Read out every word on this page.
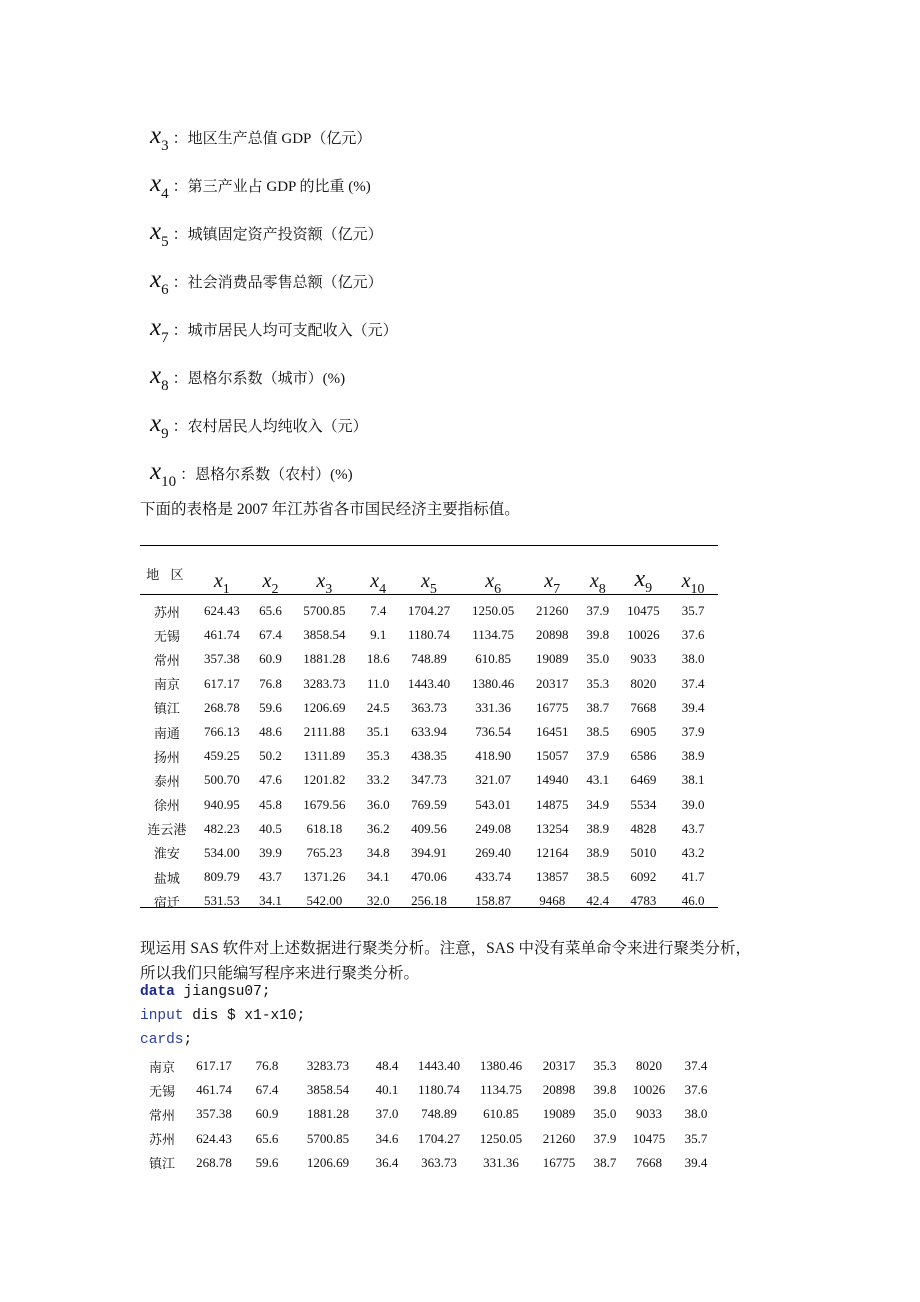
x 3 ：地区生产总值 GDP（亿元）
x 4 ：第三产业占 GDP 的比重 (%)
x 5 ：城镇固定资产投资额（亿元）
x 6 ：社会消费品零售总额（亿元）
x 7 ：城市居民人均可支配收入（元）
x 8 ：恩格尔系数（城市）(%)
x 9 ：农村居民人均纯收入（元）
x 10 ：恩格尔系数（农村）(%)
下面的表格是 2007 年江苏省各市国民经济主要指标值。
地 区	x1	x2	x3	x4	x5	x6	x7	x8	x9	x10
苏州	624.43	65.6	5700.85	7.4	1704.27	1250.05	21260	37.9	10475	35.7
无锡	461.74	67.4	3858.54	9.1	1180.74	1134.75	20898	39.8	10026	37.6
常州	357.38	60.9	1881.28	18.6	748.89	610.85	19089	35.0	9033	38.0
南京	617.17	76.8	3283.73	11.0	1443.40	1380.46	20317	35.3	8020	37.4
镇江	268.78	59.6	1206.69	24.5	363.73	331.36	16775	38.7	7668	39.4
南通	766.13	48.6	2111.88	35.1	633.94	736.54	16451	38.5	6905	37.9
扬州	459.25	50.2	1311.89	35.3	438.35	418.90	15057	37.9	6586	38.9
泰州	500.70	47.6	1201.82	33.2	347.73	321.07	14940	43.1	6469	38.1
徐州	940.95	45.8	1679.56	36.0	769.59	543.01	14875	34.9	5534	39.0
连云港	482.23	40.5	618.18	36.2	409.56	249.08	13254	38.9	4828	43.7
淮安	534.00	39.9	765.23	34.8	394.91	269.40	12164	38.9	5010	43.2
盐城	809.79	43.7	1371.26	34.1	470.06	433.74	13857	38.5	6092	41.7
宿迁	531.53	34.1	542.00	32.0	256.18	158.87	9468	42.4	4783	46.0
现运用 SAS 软件对上述数据进行聚类分析。注意，SAS 中没有菜单命令来进行聚类分析，
所以我们只能编写程序来进行聚类分析。
data jiangsu07;
input dis $ x1-x10;
cards;
南京	617.17	76.8	3283.73	48.4	1443.40	1380.46	20317	35.3	8020	37.4
无锡	461.74	67.4	3858.54	40.1	1180.74	1134.75	20898	39.8	10026	37.6
常州	357.38	60.9	1881.28	37.0	748.89	610.85	19089	35.0	9033	38.0
苏州	624.43	65.6	5700.85	34.6	1704.27	1250.05	21260	37.9	10475	35.7
镇江	268.78	59.6	1206.69	36.4	363.73	331.36	16775	38.7	7668	39.4
